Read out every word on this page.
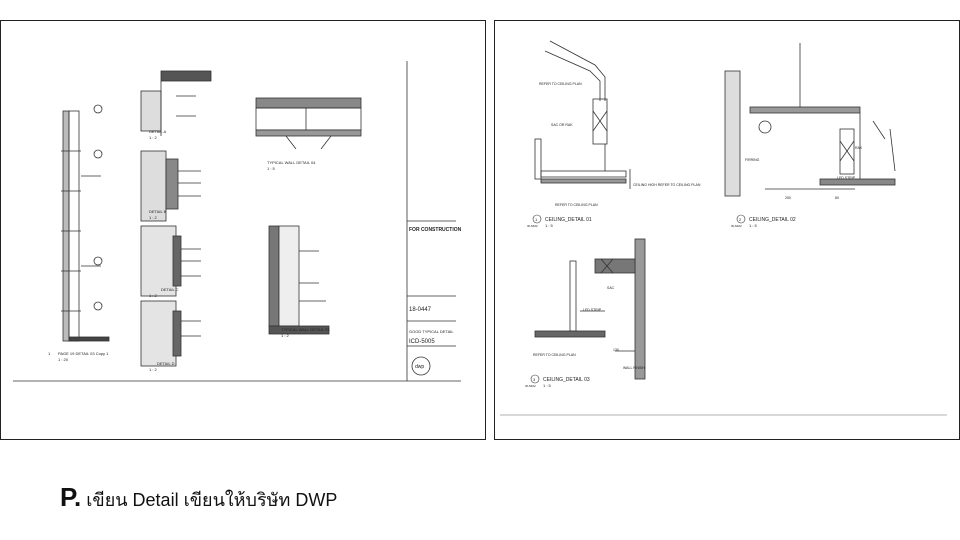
FOR CONSTRUCTION
18-0447
GOOD TYPICAL DETAIL
ICD-5005
dwp
1 PAGE 19 DETAIL 03 Copy 1
1 : 20
DETAIL A
1 : 2
DETAIL B
1 : 2
DETAIL C
1 : 2
DETAIL D
1 : 2
TYPICAL WALL DETAIL 04
1 : 5
TYPICAL WALL DETAIL 03
1 : 2
REFER TO CEILING PLAN
SAC OR RAK
CEILING HIGH REFER TO CEILING PLAN
REFER TO CEILING PLAN
FIRRING
RAK
LED STRIP
250	80
SAC
LED STRIP
REFER TO CEILING PLAN
130
WALL FINISH
1 CEILING_DETAIL 01
1 : 5
ID-5402
2 CEILING_DETAIL 02
1 : 5
ID-5402
3 CEILING_DETAIL 03
1 : 5
ID-5402
P. เขียน Detail เขียนให้บริษัท DWP
